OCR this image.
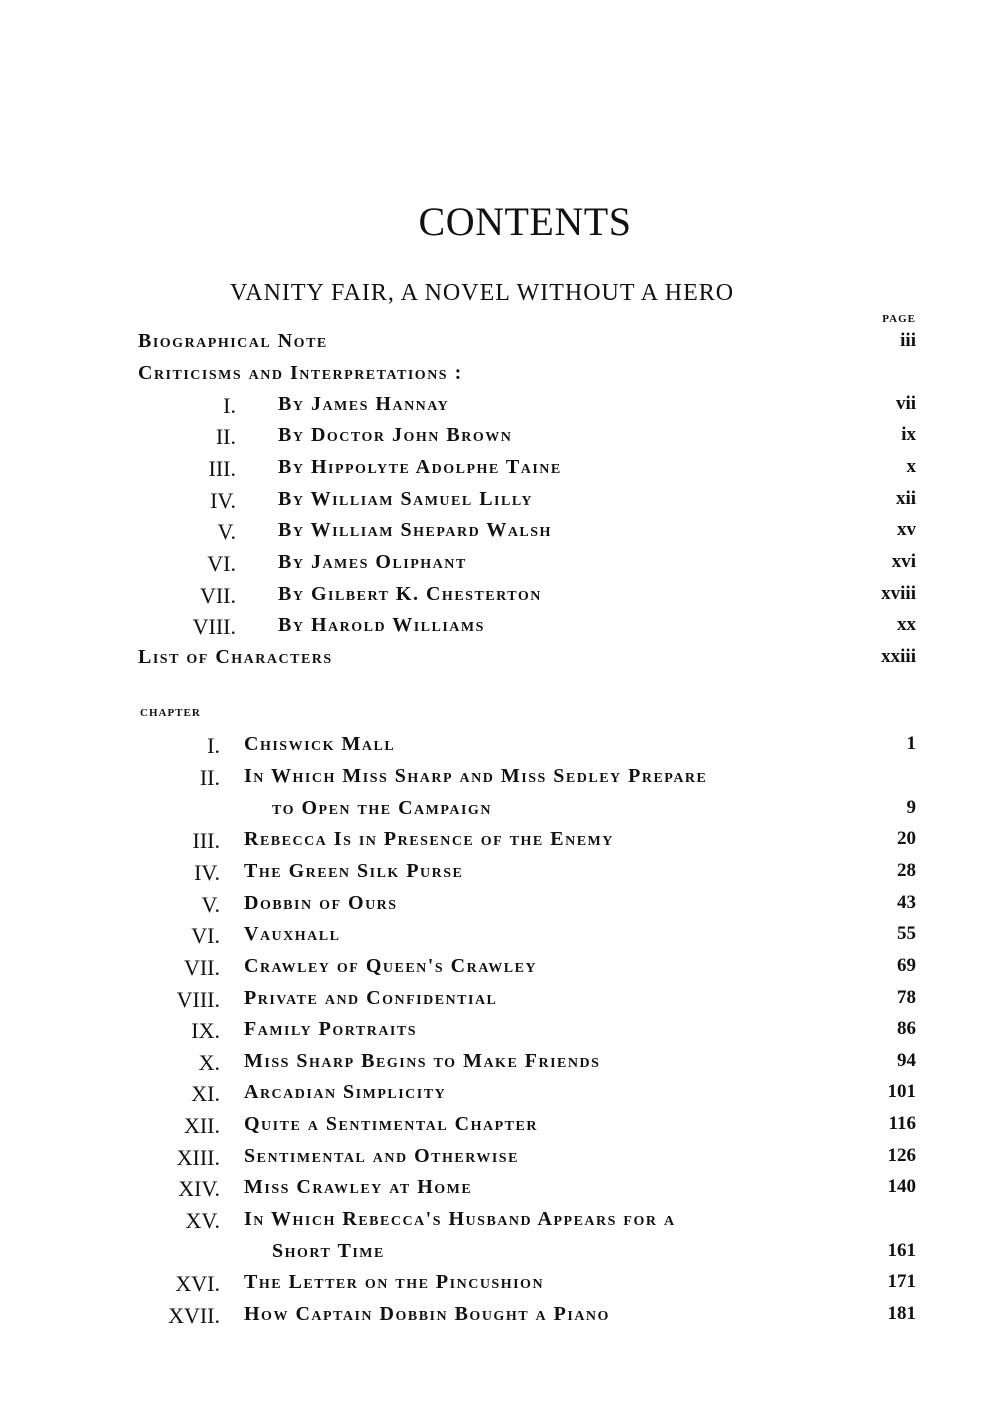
CONTENTS
VANITY FAIR, A NOVEL WITHOUT A HERO
PAGE
Biographical Note	iii
Criticisms and Interpretations :
I. By James Hannay	vii
II. By Doctor John Brown	ix
III. By Hippolyte Adolphe Taine	x
IV. By William Samuel Lilly	xii
V. By William Shepard Walsh	xv
VI. By James Oliphant	xvi
VII. By Gilbert K. Chesterton	xviii
VIII. By Harold Williams	xx
List of Characters	xxiii
CHAPTER
I. Chiswick Mall	1
II. In Which Miss Sharp and Miss Sedley Prepare
to Open the Campaign	9
III. Rebecca Is in Presence of the Enemy	20
IV. The Green Silk Purse	28
V. Dobbin of Ours	43
VI. Vauxhall	55
VII. Crawley of Queen's Crawley	69
VIII. Private and Confidential	78
IX. Family Portraits	86
X. Miss Sharp Begins to Make Friends	94
XI. Arcadian Simplicity	101
XII. Quite a Sentimental Chapter	116
XIII. Sentimental and Otherwise	126
XIV. Miss Crawley at Home	140
XV. In Which Rebecca's Husband Appears for a
Short Time	161
XVI. The Letter on the Pincushion	171
XVII. How Captain Dobbin Bought a Piano	181
